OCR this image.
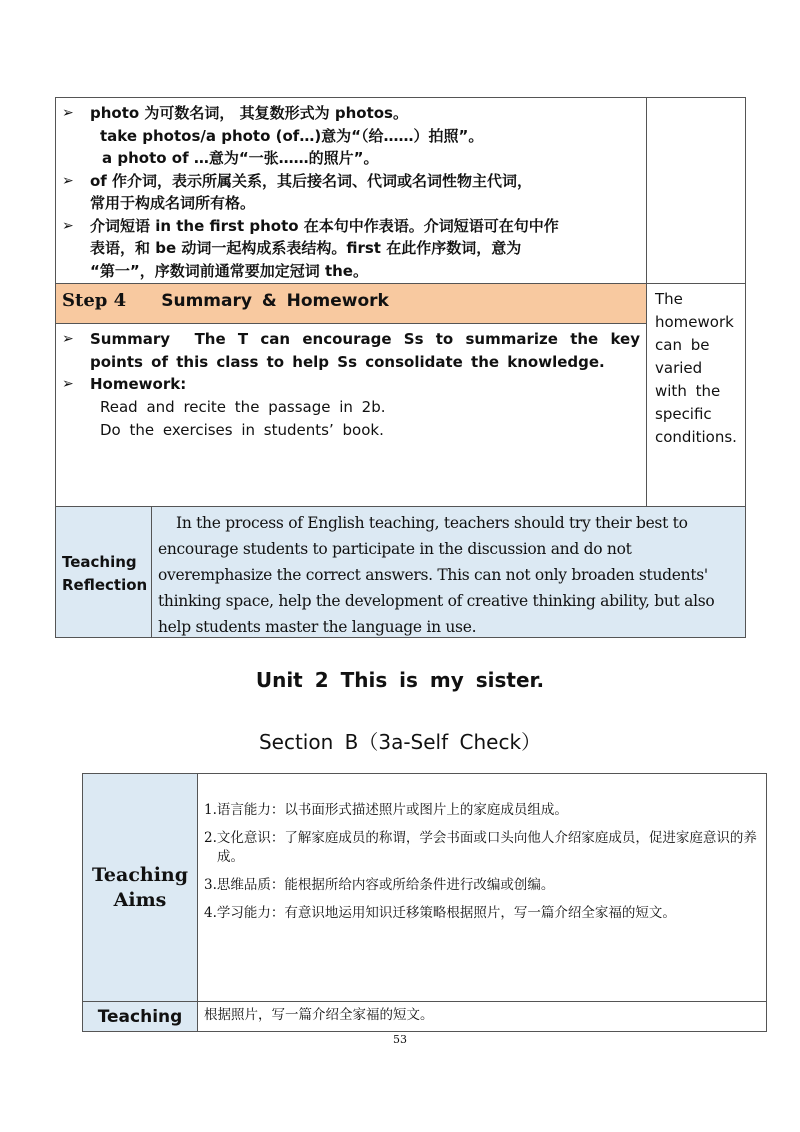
➢ photo 为可数名词， 其复数形式为 photos。
take photos/a photo (of…)意为“（给……）拍照”。
a photo of …意为“一张……的照片”。
➢ of 作介词，表示所属关系，其后接名词、代词或名词性物主代词，
常用于构成名词所有格。
➢ 介词短语 in the first photo 在本句中作表语。介词短语可在句中作
表语，和 be 动词一起构成系表结构。first 在此作序数词，意为
“第一”，序数词前通常要加定冠词 the。
Step 4 Summary & Homework	The homework can be varied with the specific conditions.
➢ Summary The T can encourage Ss to summarize the key points of this class to help Ss consolidate the knowledge.
➢ Homework:
Read and recite the passage in 2b.
Do the exercises in students’ book.
Teaching Reflection
In the process of English teaching, teachers should try their best to encourage students to participate in the discussion and do not overemphasize the correct answers. This can not only broaden students' thinking space, help the development of creative thinking ability, but also help students master the language in use.
Unit 2 This is my sister.
Section B（3a-Self Check）
Teaching Aims
1.语言能力：以书面形式描述照片或图片上的家庭成员组成。
2.文化意识：了解家庭成员的称谓，学会书面或口头向他人介绍家庭成员，促进家庭意识的养成。
3.思维品质：能根据所给内容或所给条件进行改编或创编。
4.学习能力：有意识地运用知识迁移策略根据照片，写一篇介绍全家福的短文。
Teaching	根据照片，写一篇介绍全家福的短文。
53
